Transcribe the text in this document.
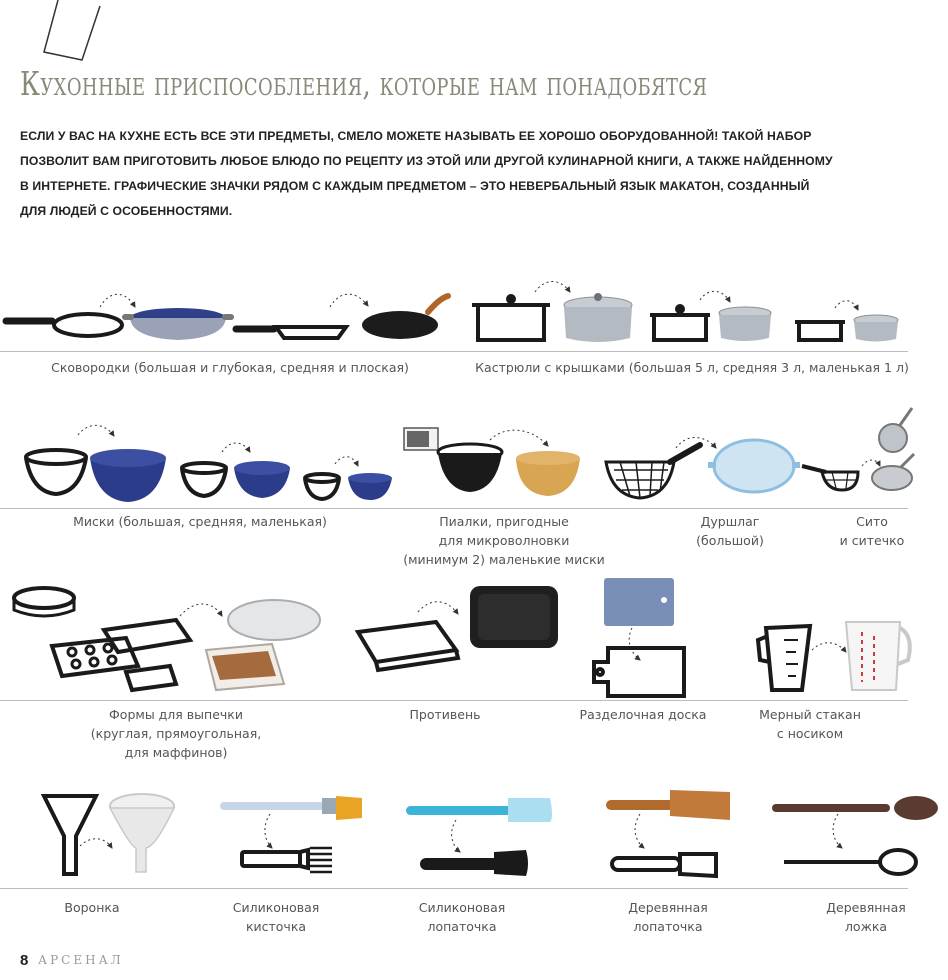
Кухонные приспособления, которые нам понадобятся

ЕСЛИ У ВАС НА КУХНЕ ЕСТЬ ВСЕ ЭТИ ПРЕДМЕТЫ, СМЕЛО МОЖЕТЕ НАЗЫВАТЬ ЕЕ ХОРОШО ОБОРУДОВАННОЙ! ТАКОЙ НАБОР

ПОЗВОЛИТ ВАМ ПРИГОТОВИТЬ ЛЮБОЕ БЛЮДО ПО РЕЦЕПТУ ИЗ ЭТОЙ ИЛИ ДРУГОЙ КУЛИНАРНОЙ КНИГИ, А ТАКЖЕ НАЙДЕННОМУ

В ИНТЕРНЕТЕ. ГРАФИЧЕСКИЕ ЗНАЧКИ РЯДОМ С КАЖДЫМ ПРЕДМЕТОМ – ЭТО НЕВЕРБАЛЬНЫЙ ЯЗЫК МАКАТОН, СОЗДАННЫЙ

ДЛЯ ЛЮДЕЙ С ОСОБЕННОСТЯМИ.

Сковородки (большая и глубокая, средняя и плоская)	Кастрюли с крышками (большая 5 л, средняя 3 л, маленькая 1 л)
Миски (большая, средняя, маленькая)	Пиалки, пригодные
для микроволновки
(минимум 2) маленькие миски
Дуршлаг
(большой)
Сито
и ситечко
Формы для выпечки
(круглая, прямоугольная,
для маффинов)
Противень	Разделочная доска	Мерный стакан
с носиком
Воронка	Силиконовая
кисточка
Силиконовая
лопаточка
Деревянная
лопаточка
Деревянная
ложка
8 АРСЕНАЛ
